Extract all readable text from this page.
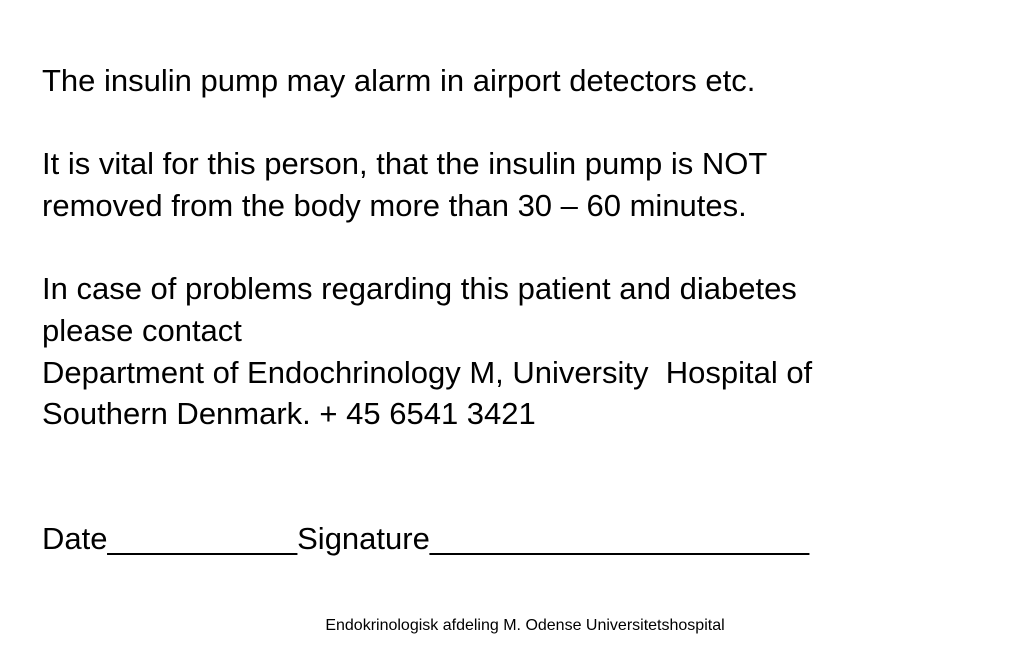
The insulin pump may alarm in airport detectors etc.
It is vital for this person, that the insulin pump is NOT
removed from the body more than 30 – 60 minutes.
In case of problems regarding this patient and diabetes
please contact
Department of Endochrinology M, University  Hospital of
Southern Denmark. + 45 6541 3421
Date___________Signature______________________
Endokrinologisk afdeling M. Odense Universitetshospital
